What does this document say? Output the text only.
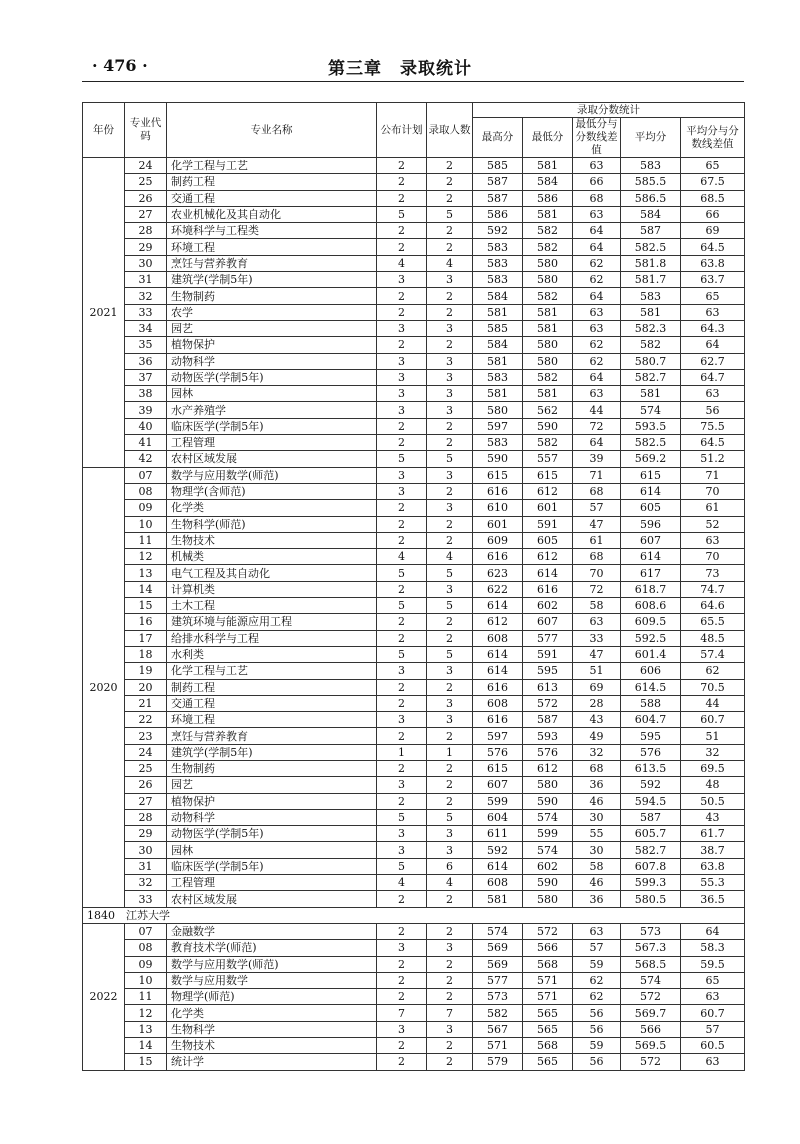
· 476 ·	第三章　录取统计
年份	专业代码	专业名称	公布计划	录取人数	录取分数统计				
					最高分	最低分	最低分与分数线差值	平均分	平均分与分数线差值
2021	24	化学工程与工艺	2	2	585	581	63	583	65
	25	制药工程	2	2	587	584	66	585.5	67.5
	26	交通工程	2	2	587	586	68	586.5	68.5
	27	农业机械化及其自动化	5	5	586	581	63	584	66
	28	环境科学与工程类	2	2	592	582	64	587	69
	29	环境工程	2	2	583	582	64	582.5	64.5
	30	烹饪与营养教育	4	4	583	580	62	581.8	63.8
	31	建筑学(学制5年)	3	3	583	580	62	581.7	63.7
	32	生物制药	2	2	584	582	64	583	65
	33	农学	2	2	581	581	63	581	63
	34	园艺	3	3	585	581	63	582.3	64.3
	35	植物保护	2	2	584	580	62	582	64
	36	动物科学	3	3	581	580	62	580.7	62.7
	37	动物医学(学制5年)	3	3	583	582	64	582.7	64.7
	38	园林	3	3	581	581	63	581	63
	39	水产养殖学	3	3	580	562	44	574	56
	40	临床医学(学制5年)	2	2	597	590	72	593.5	75.5
	41	工程管理	2	2	583	582	64	582.5	64.5
	42	农村区域发展	5	5	590	557	39	569.2	51.2
2020	07	数学与应用数学(师范)	3	3	615	615	71	615	71
	08	物理学(含师范)	3	2	616	612	68	614	70
	09	化学类	2	3	610	601	57	605	61
	10	生物科学(师范)	2	2	601	591	47	596	52
	11	生物技术	2	2	609	605	61	607	63
	12	机械类	4	4	616	612	68	614	70
	13	电气工程及其自动化	5	5	623	614	70	617	73
	14	计算机类	2	3	622	616	72	618.7	74.7
	15	土木工程	5	5	614	602	58	608.6	64.6
	16	建筑环境与能源应用工程	2	2	612	607	63	609.5	65.5
	17	给排水科学与工程	2	2	608	577	33	592.5	48.5
	18	水利类	5	5	614	591	47	601.4	57.4
	19	化学工程与工艺	3	3	614	595	51	606	62
	20	制药工程	2	2	616	613	69	614.5	70.5
	21	交通工程	2	3	608	572	28	588	44
	22	环境工程	3	3	616	587	43	604.7	60.7
	23	烹饪与营养教育	2	2	597	593	49	595	51
	24	建筑学(学制5年)	1	1	576	576	32	576	32
	25	生物制药	2	2	615	612	68	613.5	69.5
	26	园艺	3	2	607	580	36	592	48
	27	植物保护	2	2	599	590	46	594.5	50.5
	28	动物科学	5	5	604	574	30	587	43
	29	动物医学(学制5年)	3	3	611	599	55	605.7	61.7
	30	园林	3	3	592	574	30	582.7	38.7
	31	临床医学(学制5年)	5	6	614	602	58	607.8	63.8
	32	工程管理	4	4	608	590	46	599.3	55.3
	33	农村区域发展	2	2	581	580	36	580.5	36.5
1840　江苏大学									
2022	07	金融数学	2	2	574	572	63	573	64
	08	教育技术学(师范)	3	3	569	566	57	567.3	58.3
	09	数学与应用数学(师范)	2	2	569	568	59	568.5	59.5
	10	数学与应用数学	2	2	577	571	62	574	65
	11	物理学(师范)	2	2	573	571	62	572	63
	12	化学类	7	7	582	565	56	569.7	60.7
	13	生物科学	3	3	567	565	56	566	57
	14	生物技术	2	2	571	568	59	569.5	60.5
	15	统计学	2	2	579	565	56	572	63
